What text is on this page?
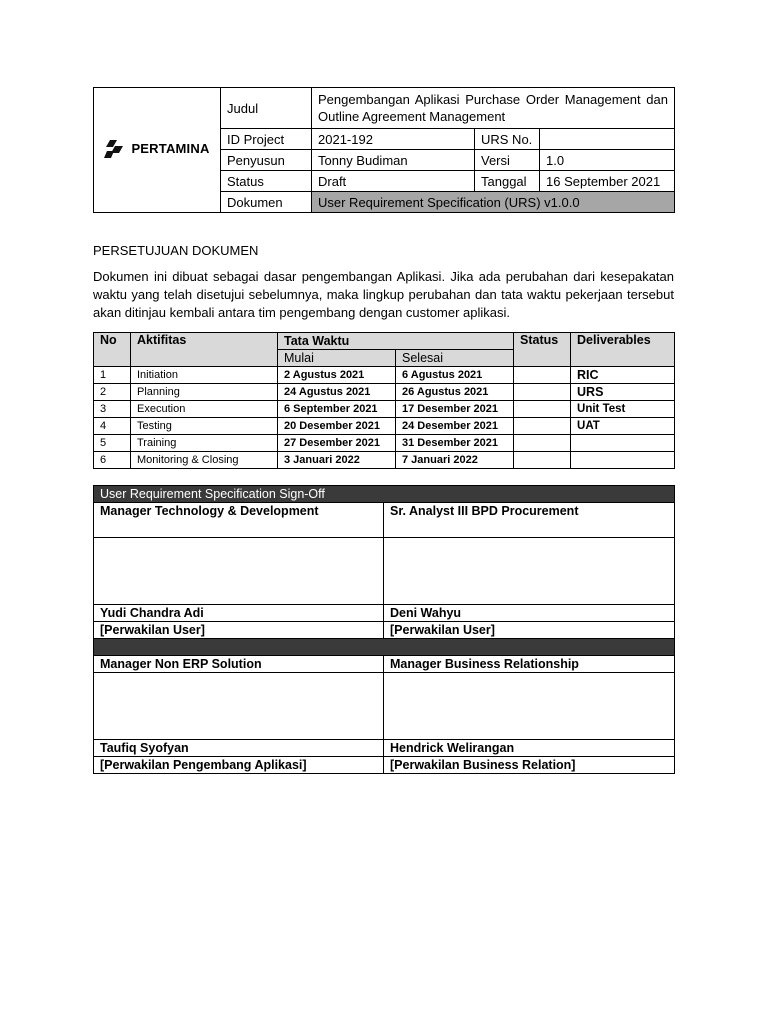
PERTAMINA	Judul	Pengembangan Aplikasi Purchase Order Management dan Outline Agreement Management		
	ID Project	2021-192	URS No.	
	Penyusun	Tonny Budiman	Versi	1.0
	Status	Draft	Tanggal	16 September 2021
	Dokumen	User Requirement Specification (URS) v1.0.0		
PERSETUJUAN DOKUMEN
Dokumen ini dibuat sebagai dasar pengembangan Aplikasi. Jika ada perubahan dari kesepakatan waktu yang telah disetujui sebelumnya, maka lingkup perubahan dan tata waktu pekerjaan tersebut akan ditinjau kembali antara tim pengembang dengan customer aplikasi.
No	Aktifitas	Tata Waktu		Status	Deliverables
		Mulai	Selesai		
1	Initiation	2 Agustus 2021	6 Agustus 2021		RIC
2	Planning	24 Agustus 2021	26 Agustus 2021		URS
3	Execution	6 September 2021	17 Desember 2021		Unit Test
4	Testing	20 Desember 2021	24 Desember 2021		UAT
5	Training	27 Desember 2021	31 Desember 2021		
6	Monitoring & Closing	3 Januari 2022	7 Januari 2022		
User Requirement Specification Sign-Off	
Manager Technology & Development	Sr. Analyst III BPD Procurement

Yudi Chandra Adi	Deni Wahyu
[Perwakilan User]	[Perwakilan User]

Manager Non ERP Solution	Manager Business Relationship

Taufiq Syofyan	Hendrick Welirangan
[Perwakilan Pengembang Aplikasi]	[Perwakilan Business Relation]
